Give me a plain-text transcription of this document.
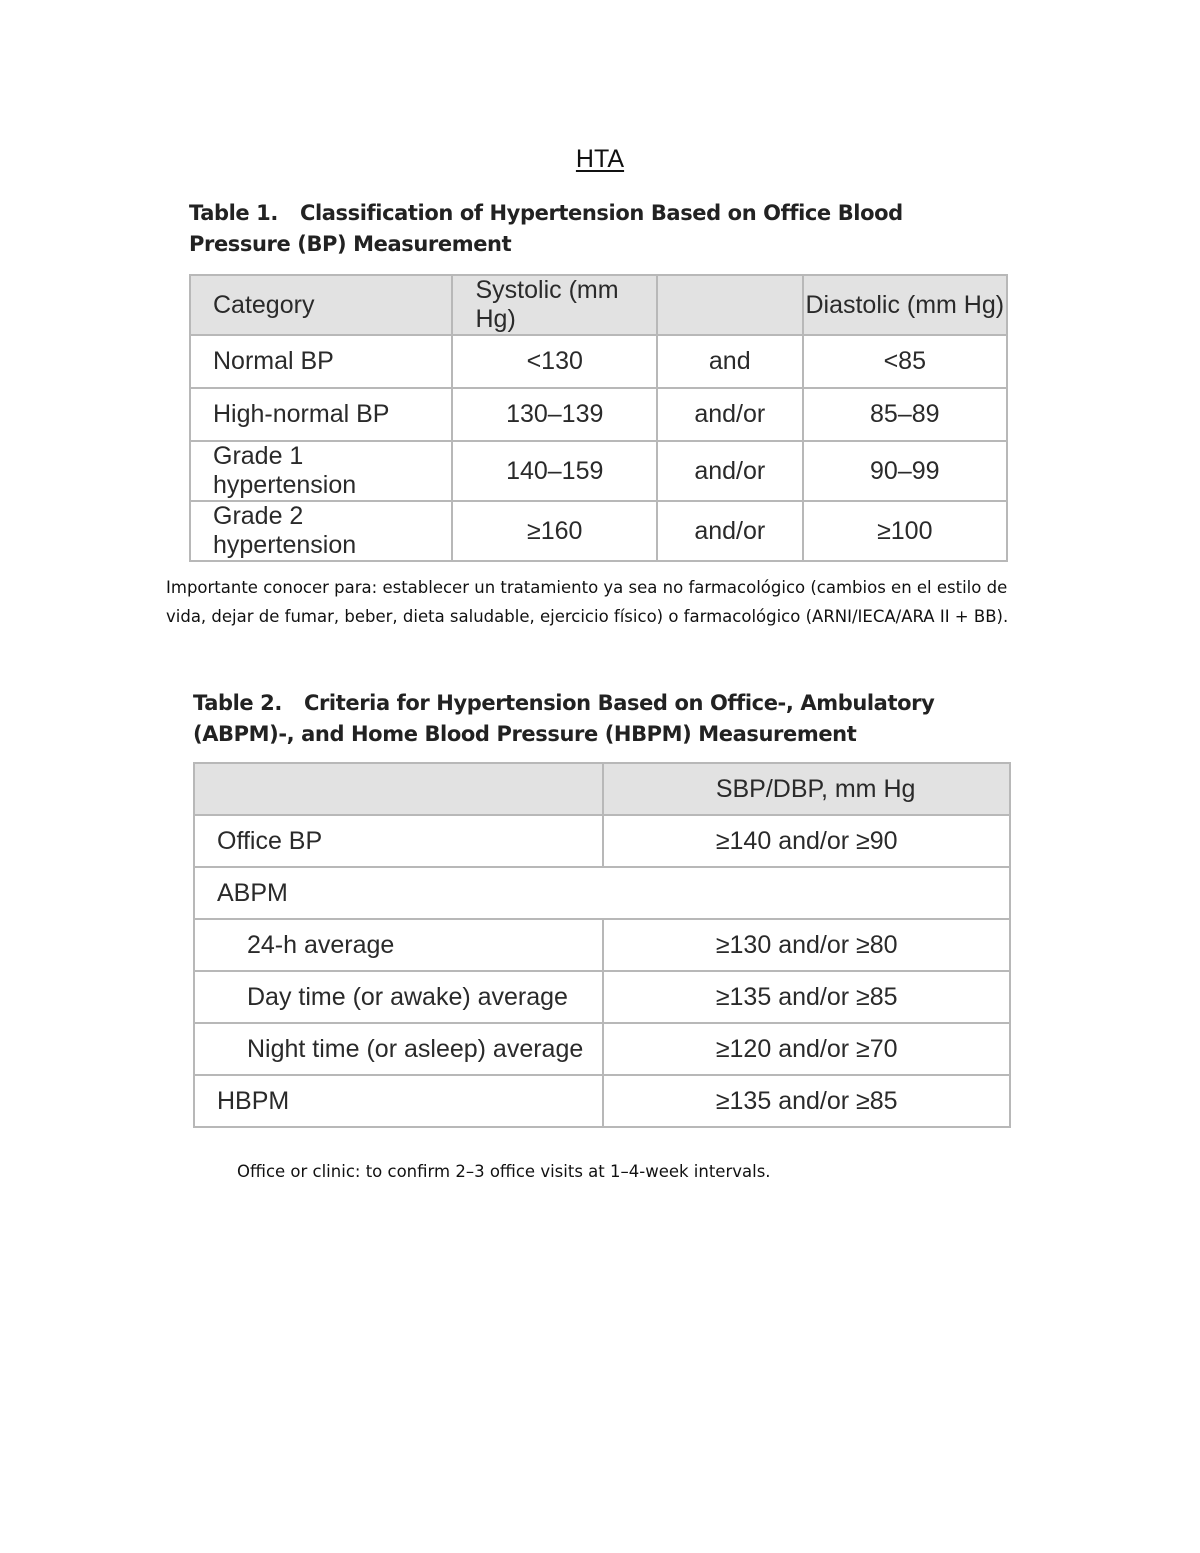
HTA
Table 1. Classification of Hypertension Based on Office Blood Pressure (BP) Measurement
Category	Systolic (mm Hg)		Diastolic (mm Hg)
Normal BP	<130	and	<85
High-normal BP	130–139	and/or	85–89
Grade 1 hypertension	140–159	and/or	90–99
Grade 2 hypertension	≥160	and/or	≥100
Importante conocer para: establecer un tratamiento ya sea no farmacológico (cambios en el estilo de vida, dejar de fumar, beber, dieta saludable, ejercicio físico) o farmacológico (ARNI/IECA/ARA II + BB).
Table 2. Criteria for Hypertension Based on Office-, Ambulatory (ABPM)-, and Home Blood Pressure (HBPM) Measurement
	SBP/DBP, mm Hg
Office BP	≥140 and/or ≥90
ABPM	
24-h average	≥130 and/or ≥80
Day time (or awake) average	≥135 and/or ≥85
Night time (or asleep) average	≥120 and/or ≥70
HBPM	≥135 and/or ≥85
Office or clinic: to confirm 2–3 office visits at 1–4-week intervals.
